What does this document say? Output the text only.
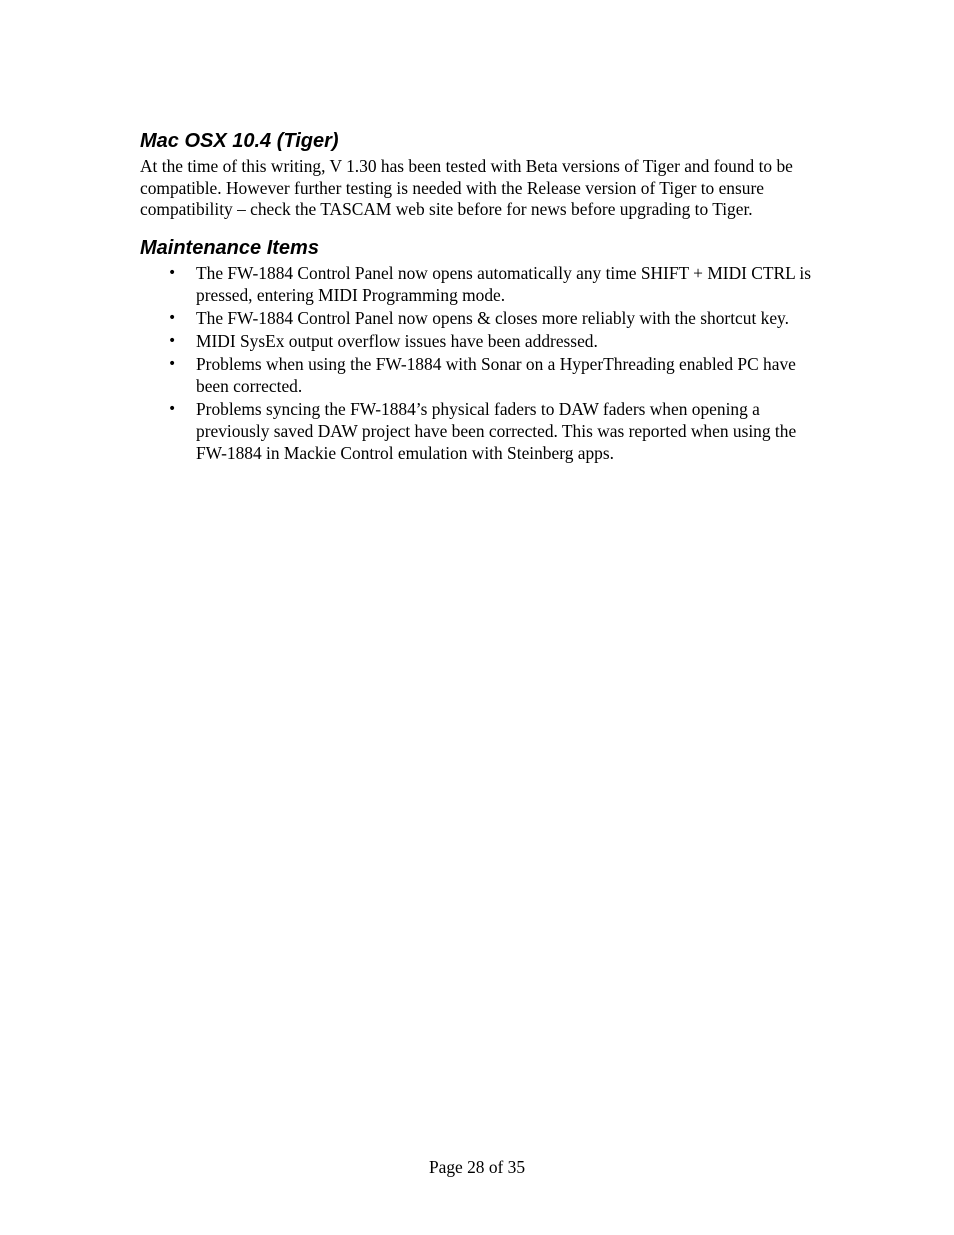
Mac OSX 10.4 (Tiger)

At the time of this writing, V 1.30 has been tested with Beta versions of Tiger and found to be compatible. However further testing is needed with the Release version of Tiger to ensure compatibility – check the TASCAM web site before for news before upgrading to Tiger.

Maintenance Items
• The FW-1884 Control Panel now opens automatically any time SHIFT + MIDI CTRL is pressed, entering MIDI Programming mode.
• The FW-1884 Control Panel now opens & closes more reliably with the shortcut key.
• MIDI SysEx output overflow issues have been addressed.
• Problems when using the FW-1884 with Sonar on a HyperThreading enabled PC have been corrected.
• Problems syncing the FW-1884’s physical faders to DAW faders when opening a previously saved DAW project have been corrected. This was reported when using the FW-1884 in Mackie Control emulation with Steinberg apps.
Page 28 of 35
